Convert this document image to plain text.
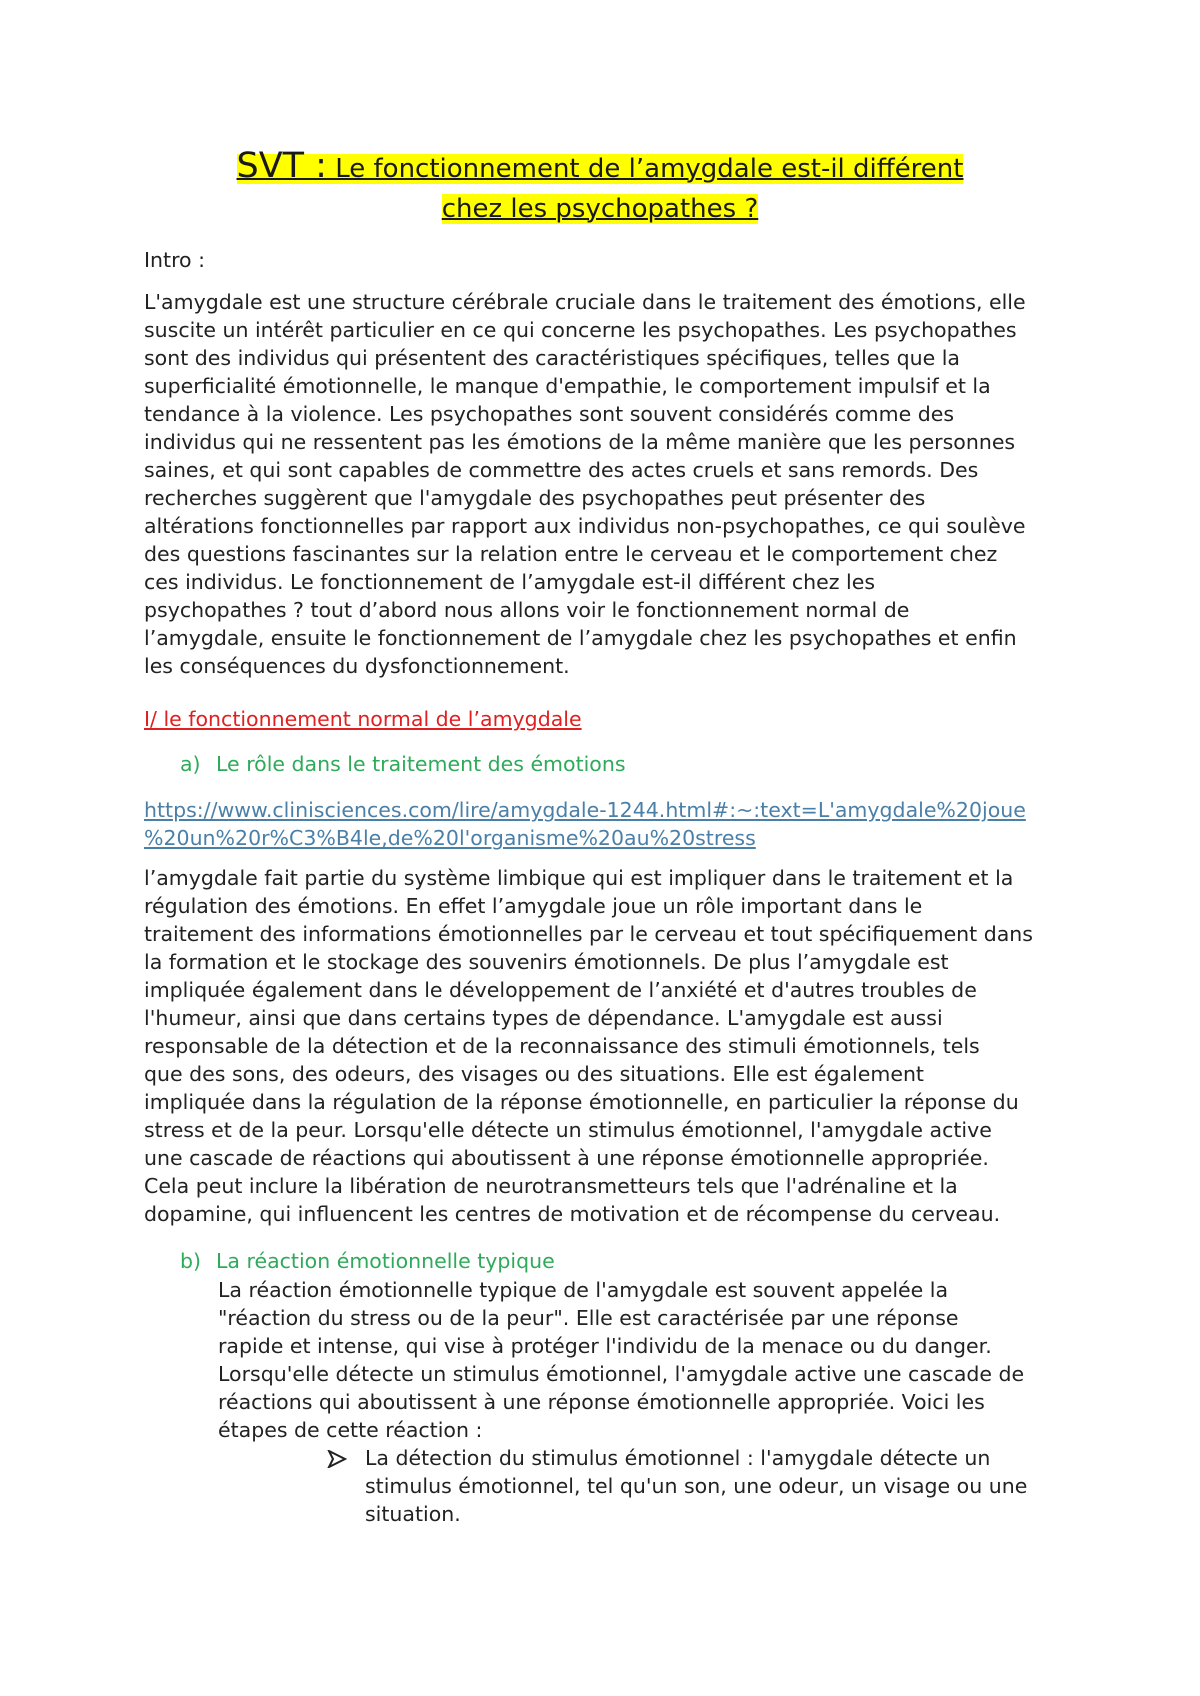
SVT : Le fonctionnement de l’amygdale est-il différent
chez les psychopathes ?
Intro :
L'amygdale est une structure cérébrale cruciale dans le traitement des émotions, elle
suscite un intérêt particulier en ce qui concerne les psychopathes. Les psychopathes
sont des individus qui présentent des caractéristiques spécifiques, telles que la
superficialité émotionnelle, le manque d'empathie, le comportement impulsif et la
tendance à la violence. Les psychopathes sont souvent considérés comme des
individus qui ne ressentent pas les émotions de la même manière que les personnes
saines, et qui sont capables de commettre des actes cruels et sans remords. Des
recherches suggèrent que l'amygdale des psychopathes peut présenter des
altérations fonctionnelles par rapport aux individus non-psychopathes, ce qui soulève
des questions fascinantes sur la relation entre le cerveau et le comportement chez
ces individus. Le fonctionnement de l’amygdale est-il différent chez les
psychopathes ? tout d’abord nous allons voir le fonctionnement normal de
l’amygdale, ensuite le fonctionnement de l’amygdale chez les psychopathes et enfin
les conséquences du dysfonctionnement.
I/ le fonctionnement normal de l’amygdale
a) Le rôle dans le traitement des émotions
https://www.clinisciences.com/lire/amygdale-1244.html#:~:text=L'amygdale%20joue
%20un%20r%C3%B4le,de%20l'organisme%20au%20stress
l’amygdale fait partie du système limbique qui est impliquer dans le traitement et la
régulation des émotions. En effet l’amygdale joue un rôle important dans le
traitement des informations émotionnelles par le cerveau et tout spécifiquement dans
la formation et le stockage des souvenirs émotionnels. De plus l’amygdale est
impliquée également dans le développement de l’anxiété et d'autres troubles de
l'humeur, ainsi que dans certains types de dépendance. L'amygdale est aussi
responsable de la détection et de la reconnaissance des stimuli émotionnels, tels
que des sons, des odeurs, des visages ou des situations. Elle est également
impliquée dans la régulation de la réponse émotionnelle, en particulier la réponse du
stress et de la peur. Lorsqu'elle détecte un stimulus émotionnel, l'amygdale active
une cascade de réactions qui aboutissent à une réponse émotionnelle appropriée.
Cela peut inclure la libération de neurotransmetteurs tels que l'adrénaline et la
dopamine, qui influencent les centres de motivation et de récompense du cerveau.
b) La réaction émotionnelle typique
La réaction émotionnelle typique de l'amygdale est souvent appelée la
"réaction du stress ou de la peur". Elle est caractérisée par une réponse
rapide et intense, qui vise à protéger l'individu de la menace ou du danger.
Lorsqu'elle détecte un stimulus émotionnel, l'amygdale active une cascade de
réactions qui aboutissent à une réponse émotionnelle appropriée. Voici les
étapes de cette réaction :
La détection du stimulus émotionnel : l'amygdale détecte un
stimulus émotionnel, tel qu'un son, une odeur, un visage ou une
situation.
